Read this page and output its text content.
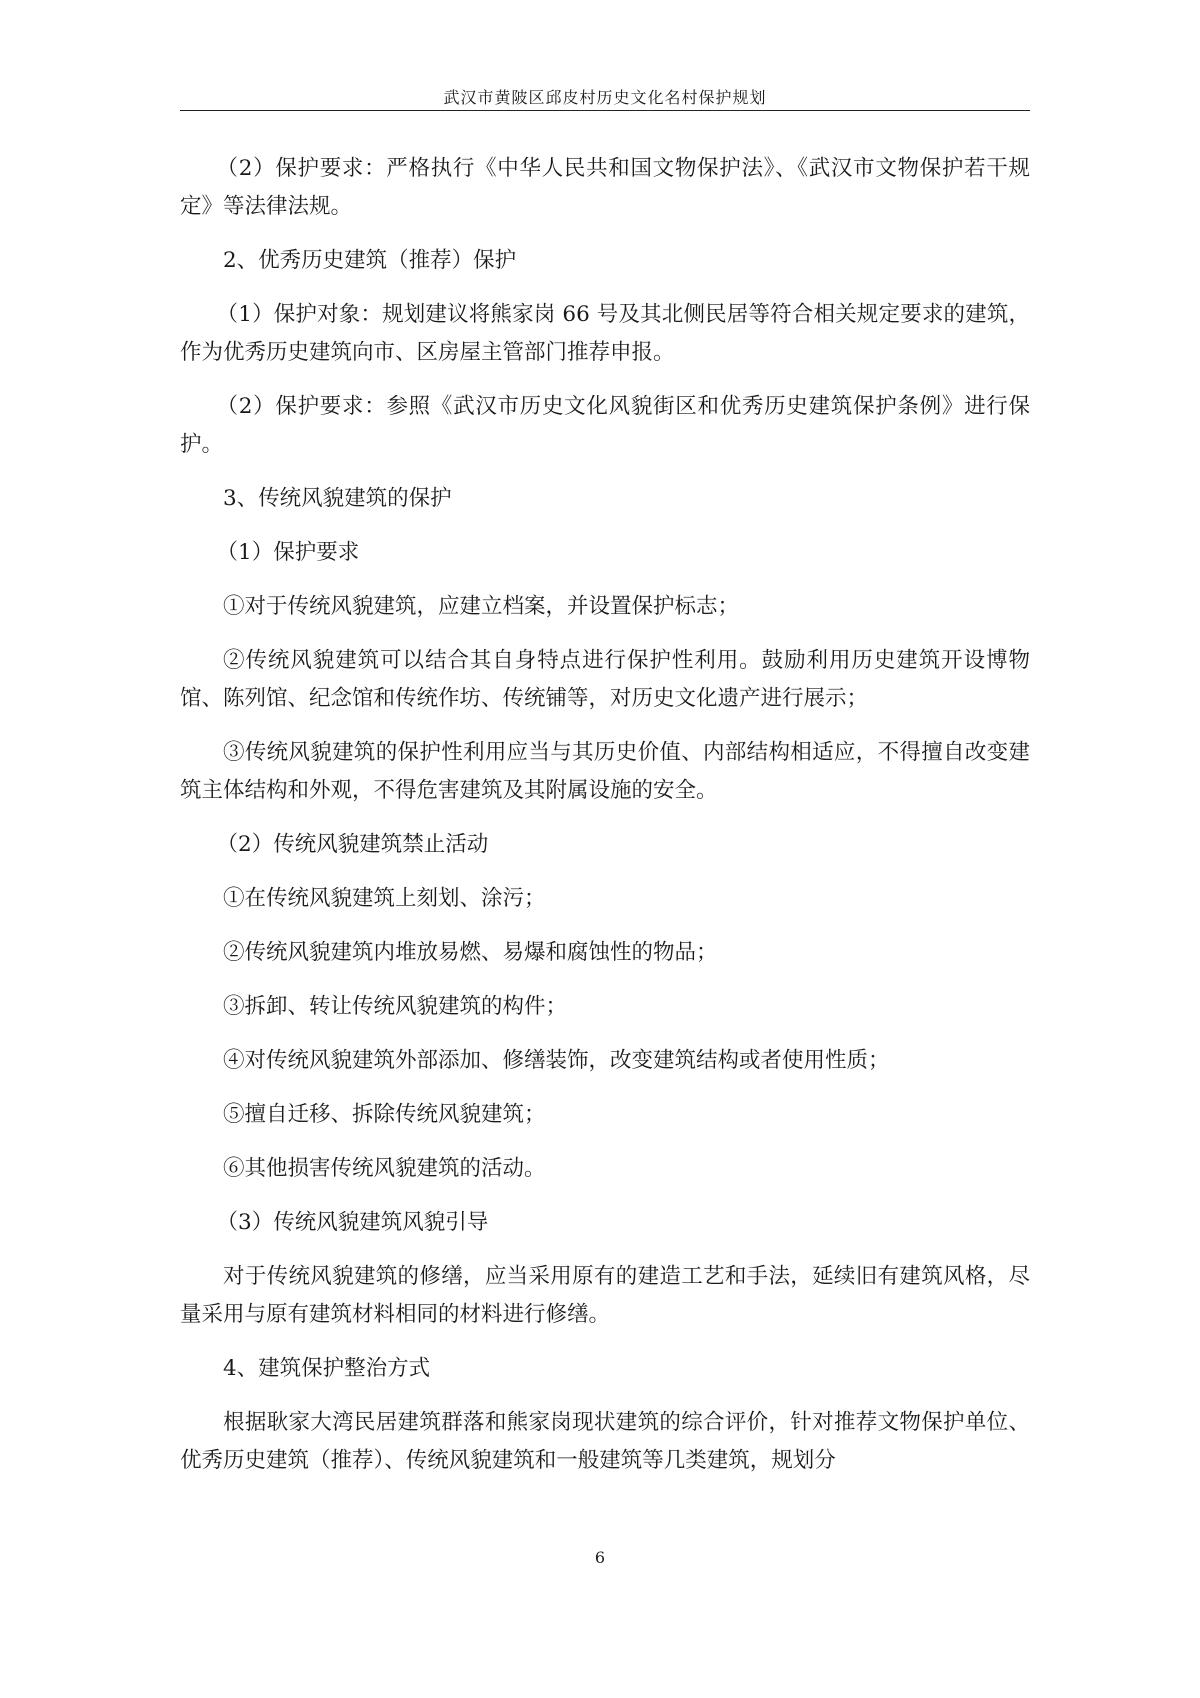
武汉市黄陂区邱皮村历史文化名村保护规划

（2）保护要求：严格执行《中华人民共和国文物保护法》、《武汉市文物保护若干规定》等法律法规。

2、优秀历史建筑（推荐）保护

（1）保护对象：规划建议将熊家岗 66 号及其北侧民居等符合相关规定要求的建筑，作为优秀历史建筑向市、区房屋主管部门推荐申报。

（2）保护要求：参照《武汉市历史文化风貌街区和优秀历史建筑保护条例》进行保护。

3、传统风貌建筑的保护

（1）保护要求

①对于传统风貌建筑，应建立档案，并设置保护标志；

②传统风貌建筑可以结合其自身特点进行保护性利用。鼓励利用历史建筑开设博物馆、陈列馆、纪念馆和传统作坊、传统铺等，对历史文化遗产进行展示；

③传统风貌建筑的保护性利用应当与其历史价值、内部结构相适应，不得擅自改变建筑主体结构和外观，不得危害建筑及其附属设施的安全。

（2）传统风貌建筑禁止活动

①在传统风貌建筑上刻划、涂污；

②传统风貌建筑内堆放易燃、易爆和腐蚀性的物品；

③拆卸、转让传统风貌建筑的构件；

④对传统风貌建筑外部添加、修缮装饰，改变建筑结构或者使用性质；

⑤擅自迁移、拆除传统风貌建筑；

⑥其他损害传统风貌建筑的活动。

（3）传统风貌建筑风貌引导

对于传统风貌建筑的修缮，应当采用原有的建造工艺和手法，延续旧有建筑风格，尽量采用与原有建筑材料相同的材料进行修缮。

4、建筑保护整治方式

根据耿家大湾民居建筑群落和熊家岗现状建筑的综合评价，针对推荐文物保护单位、优秀历史建筑（推荐）、传统风貌建筑和一般建筑等几类建筑，规划分

6
